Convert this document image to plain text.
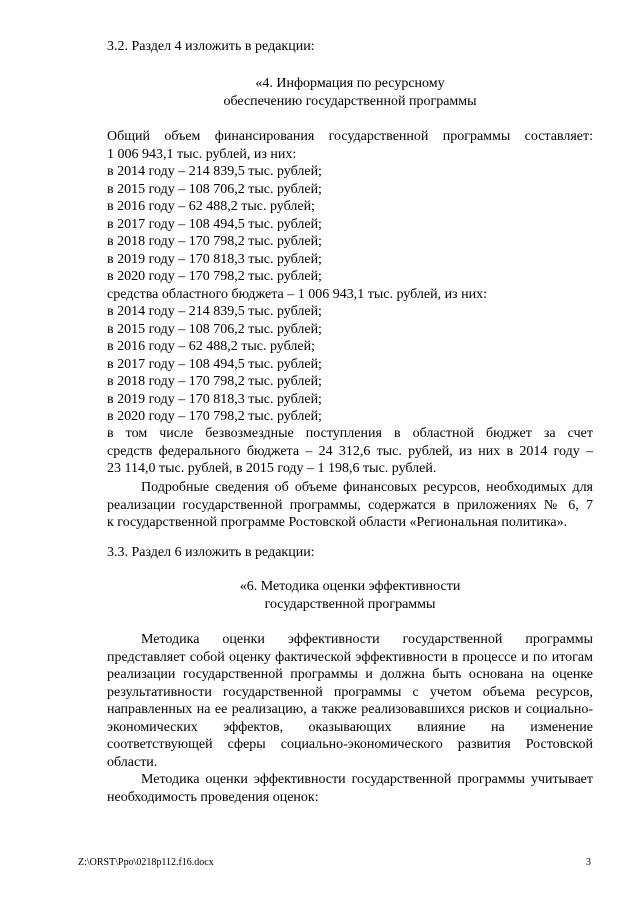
3.2. Раздел 4 изложить в редакции:
«4. Информация по ресурсному
обеспечению государственной программы
Общий объем финансирования государственной программы составляет:
1 006 943,1 тыс. рублей, из них:
в 2014 году – 214 839,5 тыс. рублей;
в 2015 году – 108 706,2 тыс. рублей;
в 2016 году – 62 488,2 тыс. рублей;
в 2017 году – 108 494,5 тыс. рублей;
в 2018 году – 170 798,2 тыс. рублей;
в 2019 году – 170 818,3 тыс. рублей;
в 2020 году – 170 798,2 тыс. рублей;
средства областного бюджета – 1 006 943,1 тыс. рублей, из них:
в 2014 году – 214 839,5 тыс. рублей;
в 2015 году – 108 706,2 тыс. рублей;
в 2016 году – 62 488,2 тыс. рублей;
в 2017 году – 108 494,5 тыс. рублей;
в 2018 году – 170 798,2 тыс. рублей;
в 2019 году – 170 818,3 тыс. рублей;
в 2020 году – 170 798,2 тыс. рублей;
в том числе безвозмездные поступления в областной бюджет за счет
средств федерального бюджета – 24 312,6 тыс. рублей, из них в 2014 году –
23 114,0 тыс. рублей, в 2015 году – 1 198,6 тыс. рублей.
Подробные сведения об объеме финансовых ресурсов, необходимых для
реализации государственной программы, содержатся в приложениях № 6, 7
к государственной программе Ростовской области «Региональная политика».
3.3. Раздел 6 изложить в редакции:
«6. Методика оценки эффективности
государственной программы
Методика оценки эффективности государственной программы
представляет собой оценку фактической эффективности в процессе и по итогам
реализации государственной программы и должна быть основана на оценке
результативности государственной программы с учетом объема ресурсов,
направленных на ее реализацию, а также реализовавшихся рисков и социально-
экономических эффектов, оказывающих влияние на изменение
соответствующей сферы социально-экономического развития Ростовской
области.
Методика оценки эффективности государственной программы учитывает
необходимость проведения оценок:
Z:\ORST\Ppo\0218p112.f16.docx	3
